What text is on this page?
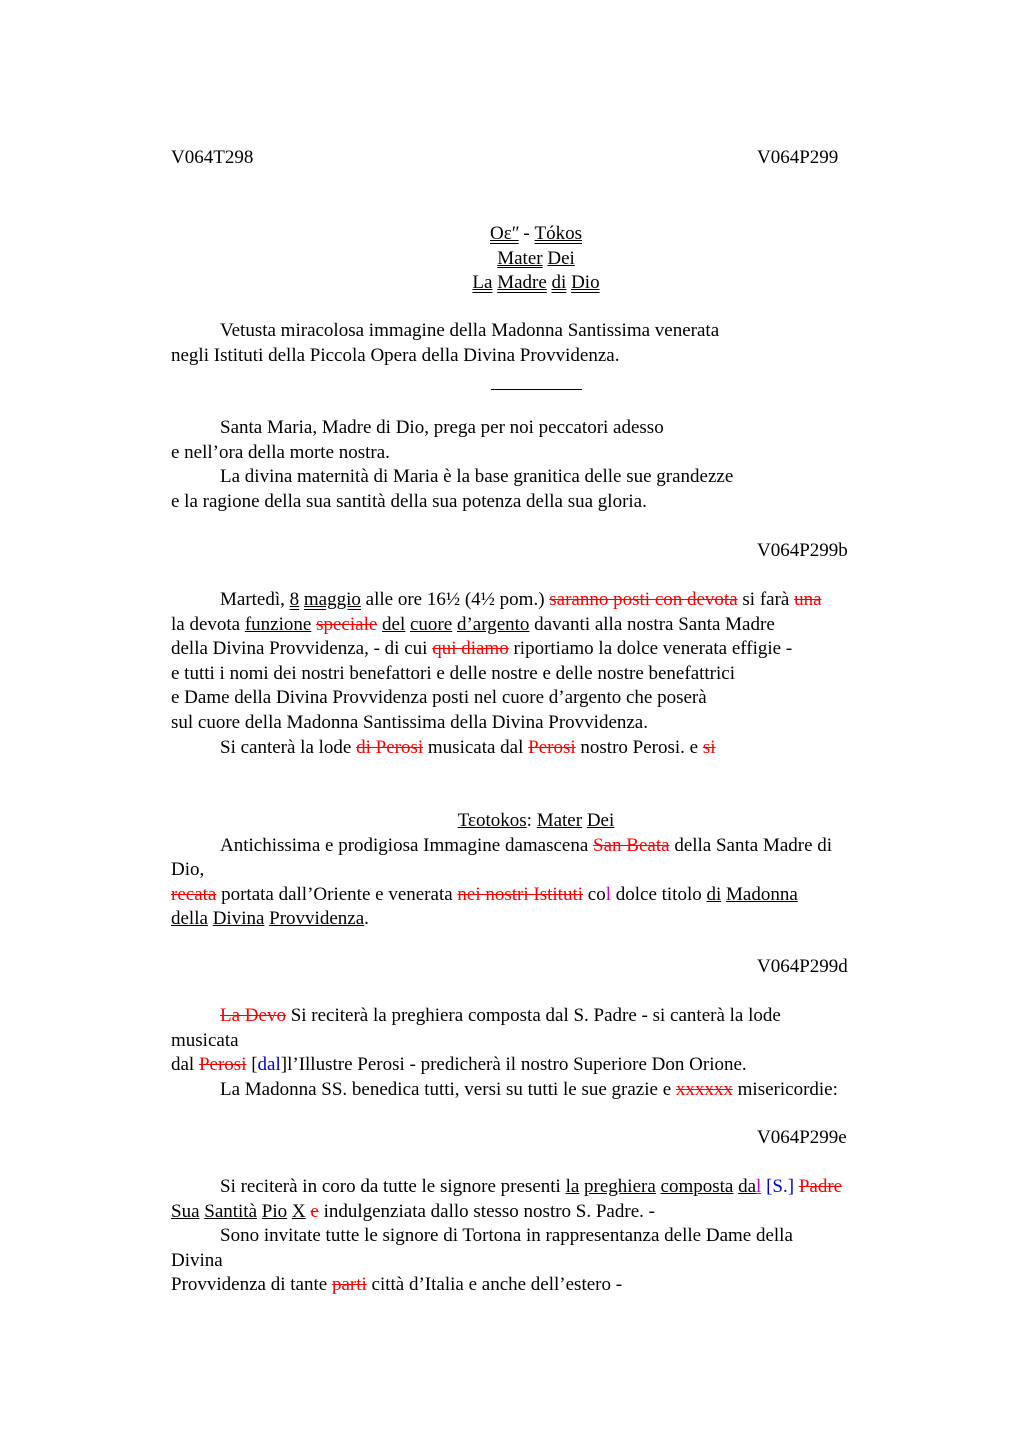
V064T298	V064P299

Οεʺ - Tókos

Mater Dei

La Madre di Dio

Vetusta miracolosa immagine della Madonna Santissima venerata

negli Istituti della Piccola Opera della Divina Provvidenza.

Santa Maria, Madre di Dio, prega per noi peccatori adesso

e nell’ora della morte nostra.

La divina maternità di Maria è la base granitica delle sue grandezze

e la ragione della sua santità della sua potenza della sua gloria.

V064P299b

Martedì, 8 maggio alle ore 16½ (4½ pom.) saranno posti con devota si farà una

la devota funzione speciale del cuore d’argento davanti alla nostra Santa Madre

della Divina Provvidenza, - di cui qui diamo riportiamo la dolce venerata effigie -

e tutti i nomi dei nostri benefattori e delle nostre e delle nostre benefattrici

e Dame della Divina Provvidenza posti nel cuore d’argento che poserà

sul cuore della Madonna Santissima della Divina Provvidenza.

Si canterà la lode di Perosi musicata dal Perosi nostro Perosi. e si

Τεotokos: Mater Dei

Antichissima e prodigiosa Immagine damascena San Beata della Santa Madre di

Dio,

recata portata dall’Oriente e venerata nei nostri Istituti col dolce titolo di Madonna

della Divina Provvidenza.

V064P299d

La Devo Si reciterà la preghiera composta dal S. Padre - si canterà la lode

musicata

dal Perosi [dal]l’Illustre Perosi - predicherà il nostro Superiore Don Orione.

La Madonna SS. benedica tutti, versi su tutti le sue grazie e xxxxxx misericordie:

V064P299e

Si reciterà in coro da tutte le signore presenti la preghiera composta dal [S.] Padre

Sua Santità Pio X e indulgenziata dallo stesso nostro S. Padre. -

Sono invitate tutte le signore di Tortona in rappresentanza delle Dame della

Divina

Provvidenza di tante parti città d’Italia e anche dell’estero -
